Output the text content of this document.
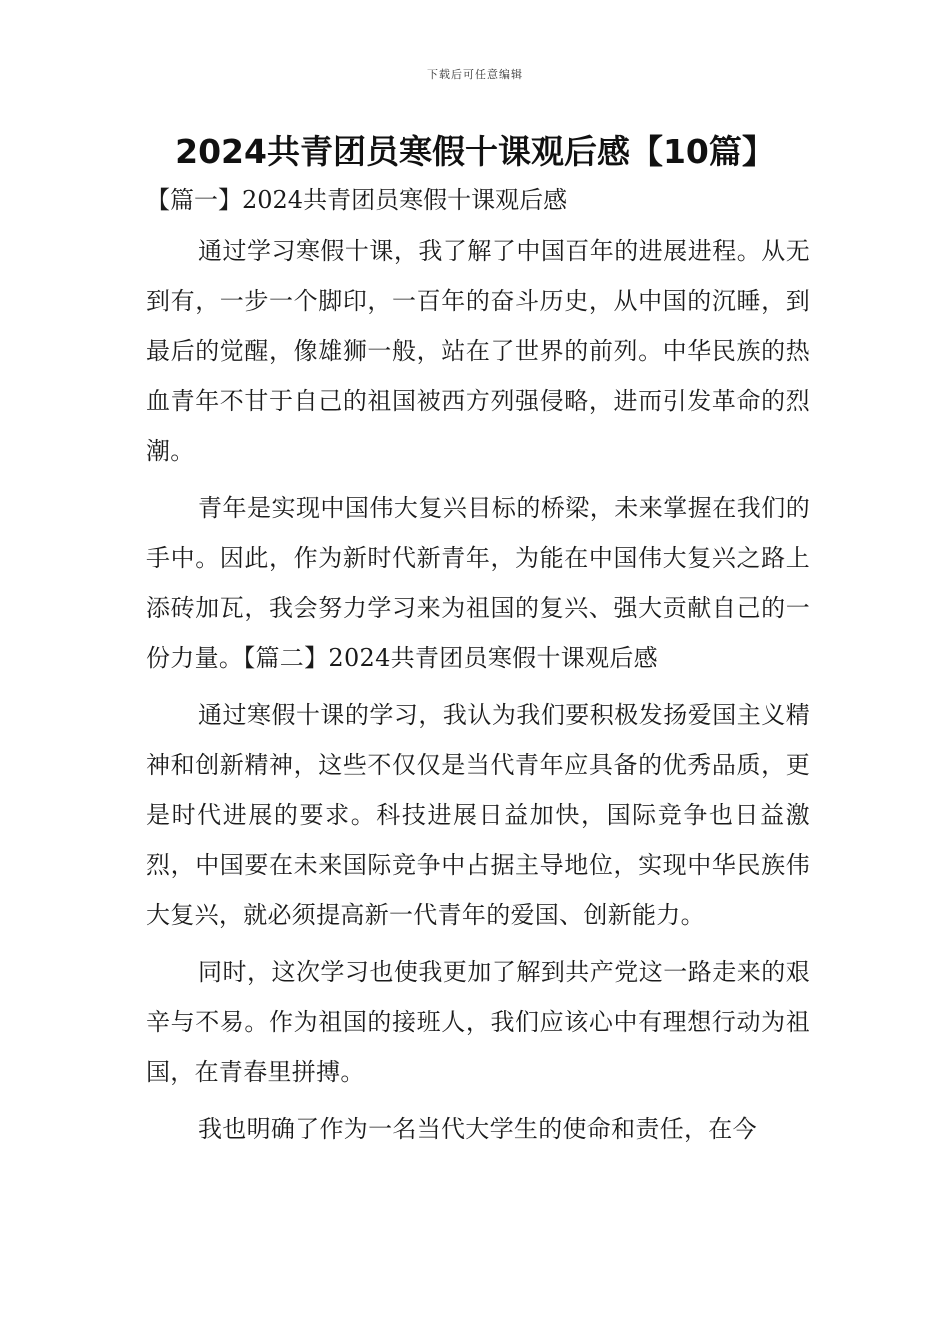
下载后可任意编辑
2024共青团员寒假十课观后感【10篇】

【篇一】2024共青团员寒假十课观后感

通过学习寒假十课，我了解了中国百年的进展进程。从无到有，一步一个脚印，一百年的奋斗历史，从中国的沉睡，到最后的觉醒，像雄狮一般，站在了世界的前列。中华民族的热血青年不甘于自己的祖国被西方列强侵略，进而引发革命的烈潮。

青年是实现中国伟大复兴目标的桥梁，未来掌握在我们的手中。因此，作为新时代新青年，为能在中国伟大复兴之路上添砖加瓦，我会努力学习来为祖国的复兴、强大贡献自己的一份力量。【篇二】2024共青团员寒假十课观后感

通过寒假十课的学习，我认为我们要积极发扬爱国主义精神和创新精神，这些不仅仅是当代青年应具备的优秀品质，更是时代进展的要求。科技进展日益加快，国际竞争也日益激烈，中国要在未来国际竞争中占据主导地位，实现中华民族伟大复兴，就必须提高新一代青年的爱国、创新能力。

同时，这次学习也使我更加了解到共产党这一路走来的艰辛与不易。作为祖国的接班人，我们应该心中有理想行动为祖国，在青春里拼搏。

我也明确了作为一名当代大学生的使命和责任，在今
